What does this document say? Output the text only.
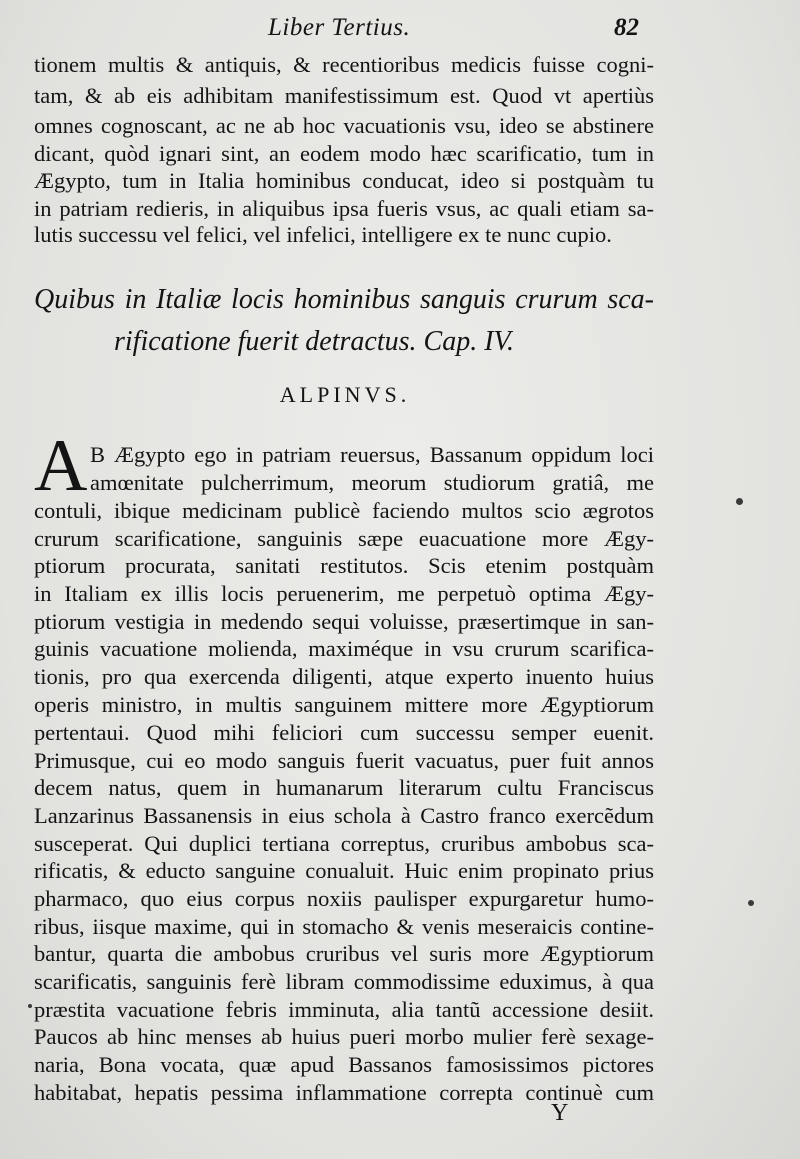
Liber Tertius.	82
tionem multis & antiquis, & recentioribus medicis fuisse cogni-
tam, & ab eis adhibitam manifestissimum est. Quod vt apertiùs
omnes cognoscant, ac ne ab hoc vacuationis vsu, ideo se abstinere
dicant, quòd ignari sint, an eodem modo hæc scarificatio, tum in
Ægypto, tum in Italia hominibus conducat, ideo si postquàm tu
in patriam redieris, in aliquibus ipsa fueris vsus, ac quali etiam sa-
lutis successu vel felici, vel infelici, intelligere ex te nunc cupio.
Quibus in Italiæ locis hominibus sanguis crurum sca-
rificatione fuerit detractus. Cap. IV.
ALPINVS.
A B Ægypto ego in patriam reuersus, Bassanum oppidum loci
amœnitate pulcherrimum, meorum studiorum gratiâ, me
contuli, ibique medicinam publicè faciendo multos scio ægrotos
crurum scarificatione, sanguinis sæpe euacuatione more Ægy-
ptiorum procurata, sanitati restitutos. Scis etenim postquàm
in Italiam ex illis locis peruenerim, me perpetuò optima Ægy-
ptiorum vestigia in medendo sequi voluisse, præsertimque in san-
guinis vacuatione molienda, maximéque in vsu crurum scarifica-
tionis, pro qua exercenda diligenti, atque experto inuento huius
operis ministro, in multis sanguinem mittere more Ægyptiorum
pertentaui. Quod mihi feliciori cum successu semper euenit.
Primusque, cui eo modo sanguis fuerit vacuatus, puer fuit annos
decem natus, quem in humanarum literarum cultu Franciscus
Lanzarinus Bassanensis in eius schola à Castro franco exercẽdum
susceperat. Qui duplici tertiana correptus, cruribus ambobus sca-
rificatis, & educto sanguine conualuit. Huic enim propinato prius
pharmaco, quo eius corpus noxiis paulisper expurgaretur humo-
ribus, iisque maxime, qui in stomacho & venis meseraicis contine-
bantur, quarta die ambobus cruribus vel suris more Ægyptiorum
scarificatis, sanguinis ferè libram commodissime eduximus, à qua
præstita vacuatione febris imminuta, alia tantũ accessione desiit.
Paucos ab hinc menses ab huius pueri morbo mulier ferè sexage-
naria, Bona vocata, quæ apud Bassanos famosissimos pictores
habitabat, hepatis pessima inflammatione correpta continuè cum
Y
